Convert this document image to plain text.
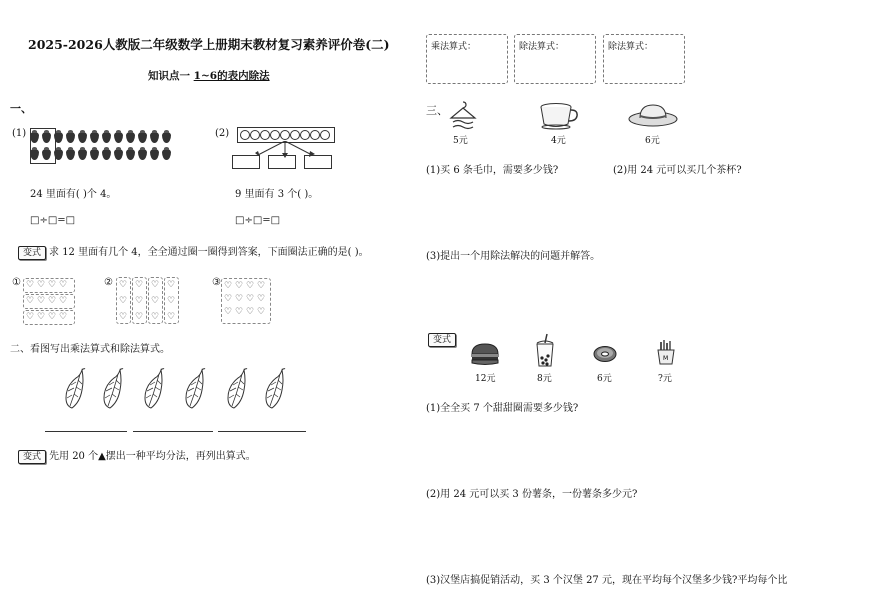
2025-2026人教版二年级数学上册期末教材复习素养评价卷(二)
知识点一 1~6的表内除法
一、
(1)	(2)
24 里面有( )个 4。	9 里面有 3 个( )。
□÷□=□	□÷□=□
变式 求 12 里面有几个 4，全全通过圈一圈得到答案，下面圈法正确的是( )。
①	②	③
♡ ♡ ♡ ♡
♡ ♡ ♡ ♡
♡ ♡ ♡ ♡
♡ ♡ ♡ ♡
♡ ♡ ♡ ♡
♡ ♡ ♡ ♡
♡ ♡ ♡ ♡
♡ ♡ ♡ ♡
♡ ♡ ♡ ♡
二、看图写出乘法算式和除法算式。
变式 先用 20 个▲摆出一种平均分法，再列出算式。
乘法算式：	除法算式：	除法算式：
三、
5元	4元	6元
(1)买 6 条毛巾，需要多少钱?	(2)用 24 元可以买几个茶杯?
(3)提出一个用除法解决的问题并解答。
变式
12元	8元	6元
M
?元
(1)全全买 7 个甜甜圈需要多少钱?
(2)用 24 元可以买 3 份薯条，一份薯条多少元?
(3)汉堡店搞促销活动，买 3 个汉堡 27 元，现在平均每个汉堡多少钱?平均每个比
